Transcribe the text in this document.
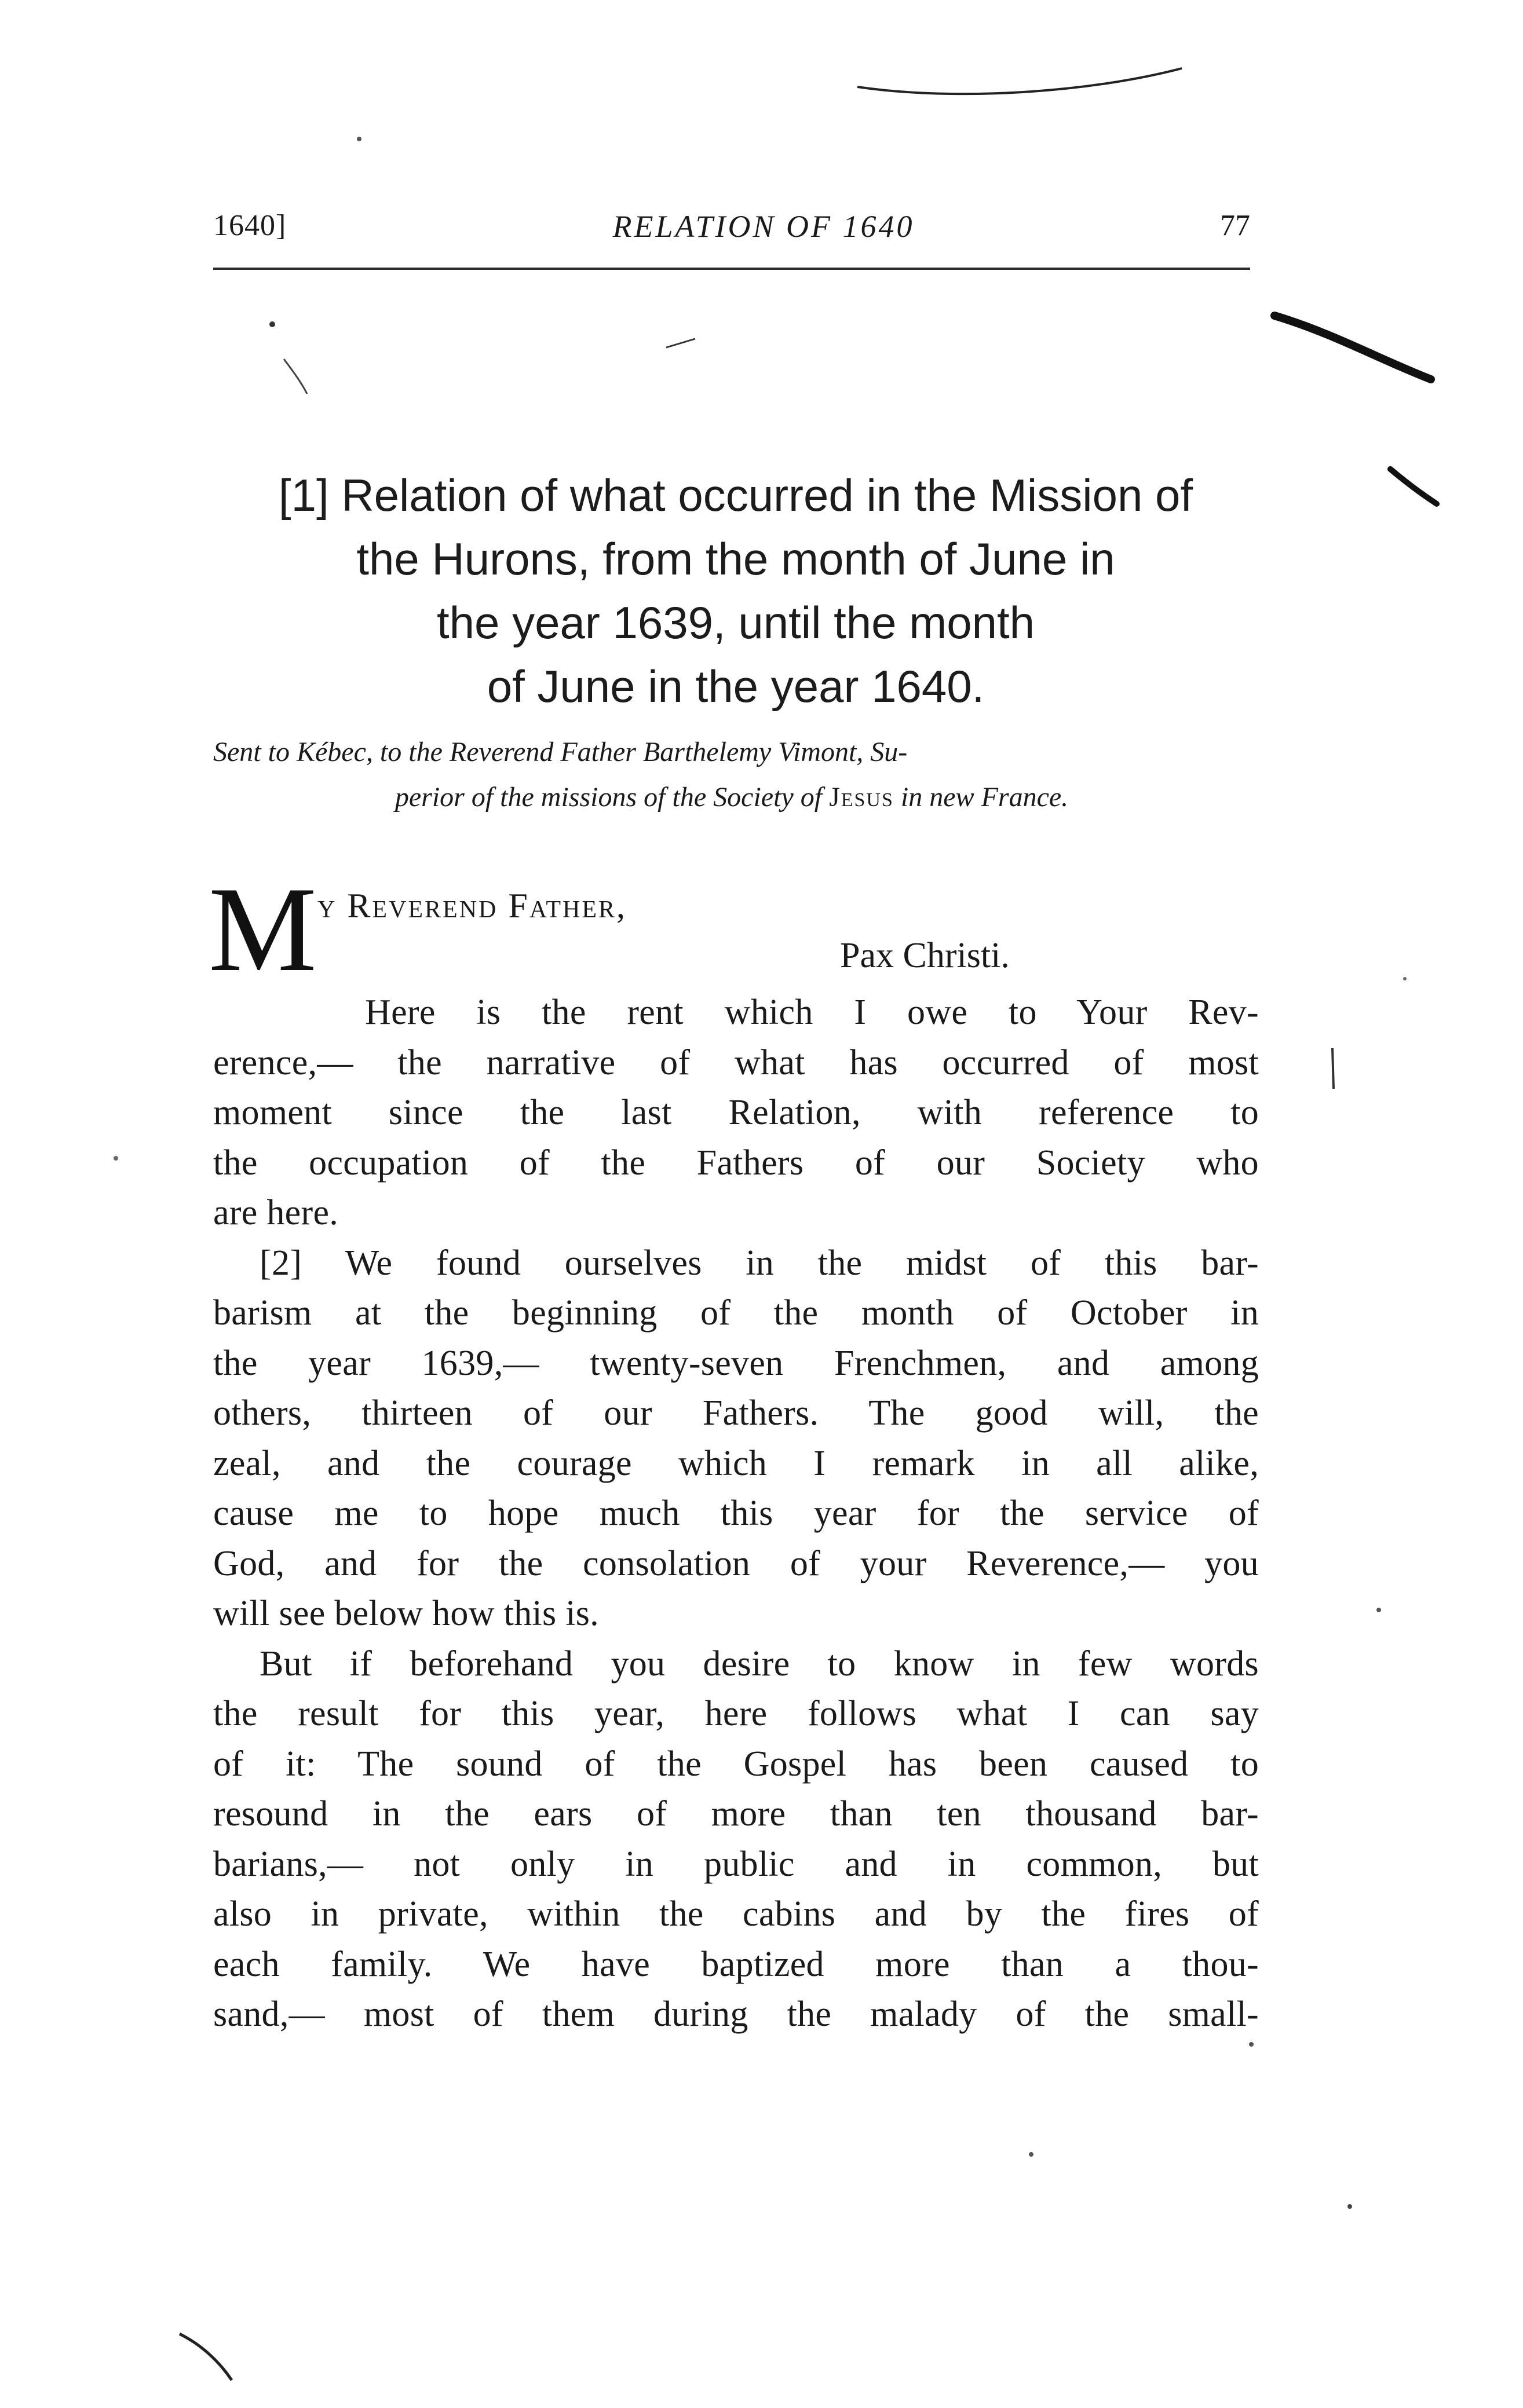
1640]	RELATION OF 1640	77
[1] Relation of what occurred in the Mission of
the Hurons, from the month of June in
the year 1639, until the month
of June in the year 1640.
Sent to Kébec, to the Reverend Father Barthelemy Vimont, Su-
perior of the missions of the Society of Jesus in new France.
M y Reverend Father,
Pax Christi.
Here is the rent which I owe to Your Rev-
erence,— the narrative of what has occurred of most
moment since the last Relation, with reference to
the occupation of the Fathers of our Society who
are here.
[2] We found ourselves in the midst of this bar-
barism at the beginning of the month of October in
the year 1639,— twenty-seven Frenchmen, and among
others, thirteen of our Fathers. The good will, the
zeal, and the courage which I remark in all alike,
cause me to hope much this year for the service of
God, and for the consolation of your Reverence,— you
will see below how this is.
But if beforehand you desire to know in few words
the result for this year, here follows what I can say
of it: The sound of the Gospel has been caused to
resound in the ears of more than ten thousand bar-
barians,— not only in public and in common, but
also in private, within the cabins and by the fires of
each family. We have baptized more than a thou-
sand,— most of them during the malady of the small-
